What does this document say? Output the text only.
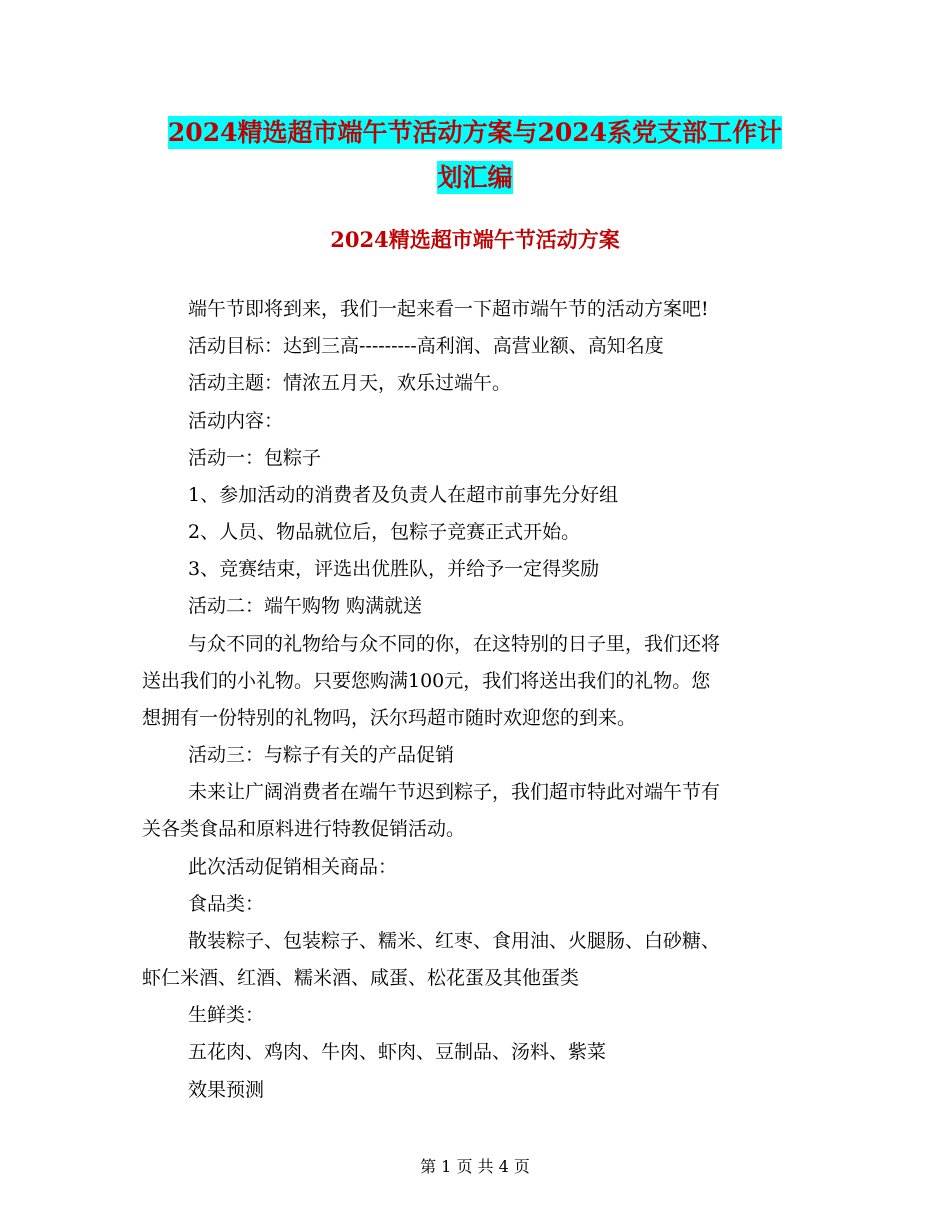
2024精选超市端午节活动方案与2024系党支部工作计
划汇编
2024精选超市端午节活动方案
端午节即将到来，我们一起来看一下超市端午节的活动方案吧!
活动目标：达到三高---------高利润、高营业额、高知名度
活动主题：情浓五月天，欢乐过端午。
活动内容：
活动一：包粽子
1、参加活动的消费者及负责人在超市前事先分好组
2、人员、物品就位后，包粽子竞赛正式开始。
3、竞赛结束，评选出优胜队，并给予一定得奖励
活动二：端午购物 购满就送
与众不同的礼物给与众不同的你，在这特别的日子里，我们还将
送出我们的小礼物。只要您购满100元，我们将送出我们的礼物。您
想拥有一份特别的礼物吗，沃尔玛超市随时欢迎您的到来。
活动三：与粽子有关的产品促销
未来让广阔消费者在端午节迟到粽子，我们超市特此对端午节有
关各类食品和原料进行特教促销活动。
此次活动促销相关商品：
食品类：
散装粽子、包装粽子、糯米、红枣、食用油、火腿肠、白砂糖、
虾仁米酒、红酒、糯米酒、咸蛋、松花蛋及其他蛋类
生鲜类：
五花肉、鸡肉、牛肉、虾肉、豆制品、汤料、紫菜
效果预测
第 1 页 共 4 页
